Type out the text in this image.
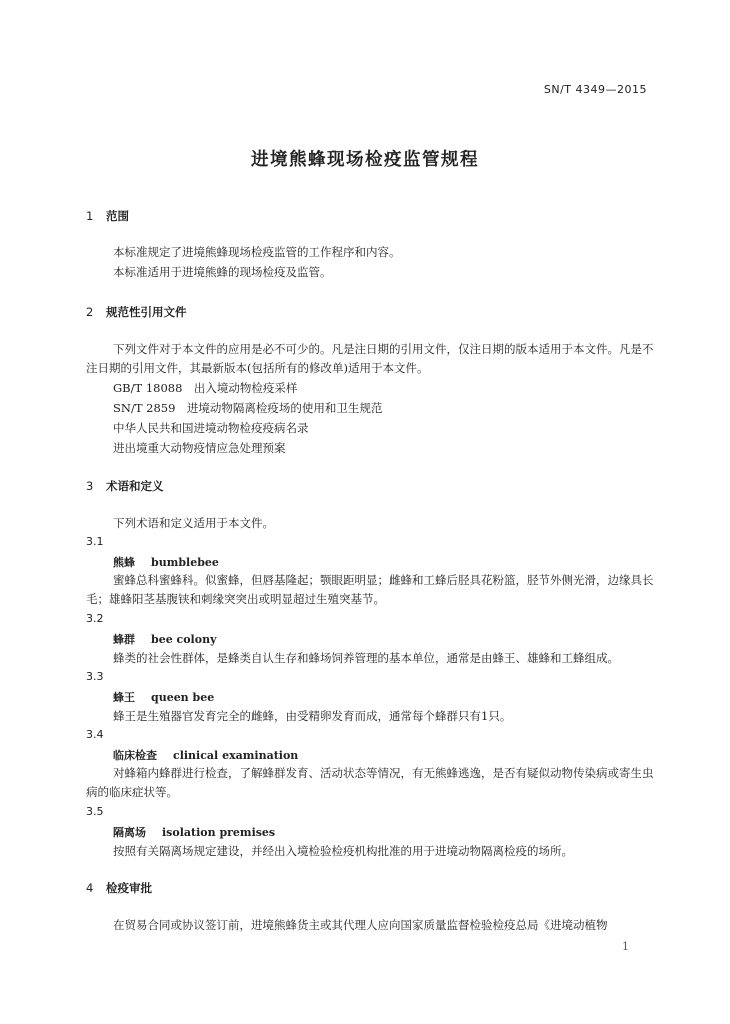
SN/T 4349—2015
进境熊蜂现场检疫监管规程
1 范围
本标准规定了进境熊蜂现场检疫监管的工作程序和内容。
本标准适用于进境熊蜂的现场检疫及监管。
2 规范性引用文件

下列文件对于本文件的应用是必不可少的。凡是注日期的引用文件，仅注日期的版本适用于本文件。凡是不注日期的引用文件，其最新版本(包括所有的修改单)适用于本文件。

GB/T 18088　出入境动物检疫采样
SN/T 2859　进境动物隔离检疫场的使用和卫生规范
中华人民共和国进境动物检疫疫病名录
进出境重大动物疫情应急处理预案
3 术语和定义
下列术语和定义适用于本文件。
3.1
熊蜂 bumblebee

蜜蜂总科蜜蜂科。似蜜蜂，但唇基隆起；颚眼距明显；雌蜂和工蜂后胫具花粉篮，胫节外侧光滑，边缘具长毛；雄蜂阳茎基腹铗和刺缘突突出或明显超过生殖突基节。

3.2
蜂群 bee colony

蜂类的社会性群体，是蜂类自认生存和蜂场饲养管理的基本单位，通常是由蜂王、雄蜂和工蜂组成。

3.3
蜂王 queen bee

蜂王是生殖器官发育完全的雌蜂，由受精卵发育而成，通常每个蜂群只有1只。

3.4
临床检查 clinical examination

对蜂箱内蜂群进行检查，了解蜂群发育、活动状态等情况，有无熊蜂逃逸，是否有疑似动物传染病或寄生虫病的临床症状等。

3.5
隔离场 isolation premises

按照有关隔离场规定建设，并经出入境检验检疫机构批准的用于进境动物隔离检疫的场所。

4 检疫审批
在贸易合同或协议签订前，进境熊蜂货主或其代理人应向国家质量监督检验检疫总局《进境动植物
1
